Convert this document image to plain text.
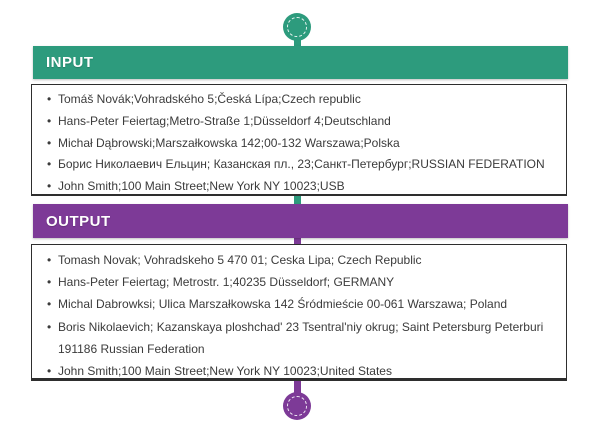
INPUT
• Tomáš Novák;Vohradského 5;Česká Lípa;Czech republic
• Hans-Peter Feiertag;Metro-Straße 1;Düsseldorf 4;Deutschland
• Michał Dąbrowski;Marszałkowska 142;00-132 Warszawa;Polska
• Борис Николаевич Ельцин; Казанская пл., 23;Санкт-Петербург;RUSSIAN FEDERATION
• John Smith;100 Main Street;New York NY 10023;USB
OUTPUT
• Tomash Novak; Vohradskeho 5 470 01; Ceska Lipa; Czech Republic
• Hans-Peter Feiertag; Metrostr. 1;40235 Düsseldorf; GERMANY
• Michal Dabrowksi; Ulica Marszałkowska 142 Śródmieście 00-061 Warszawa; Poland
• Boris Nikolaevich; Kazanskaya ploshchad' 23 Tsentral'niy okrug; Saint Petersburg Peterburi 191186 Russian Federation
• John Smith;100 Main Street;New York NY 10023;United States
